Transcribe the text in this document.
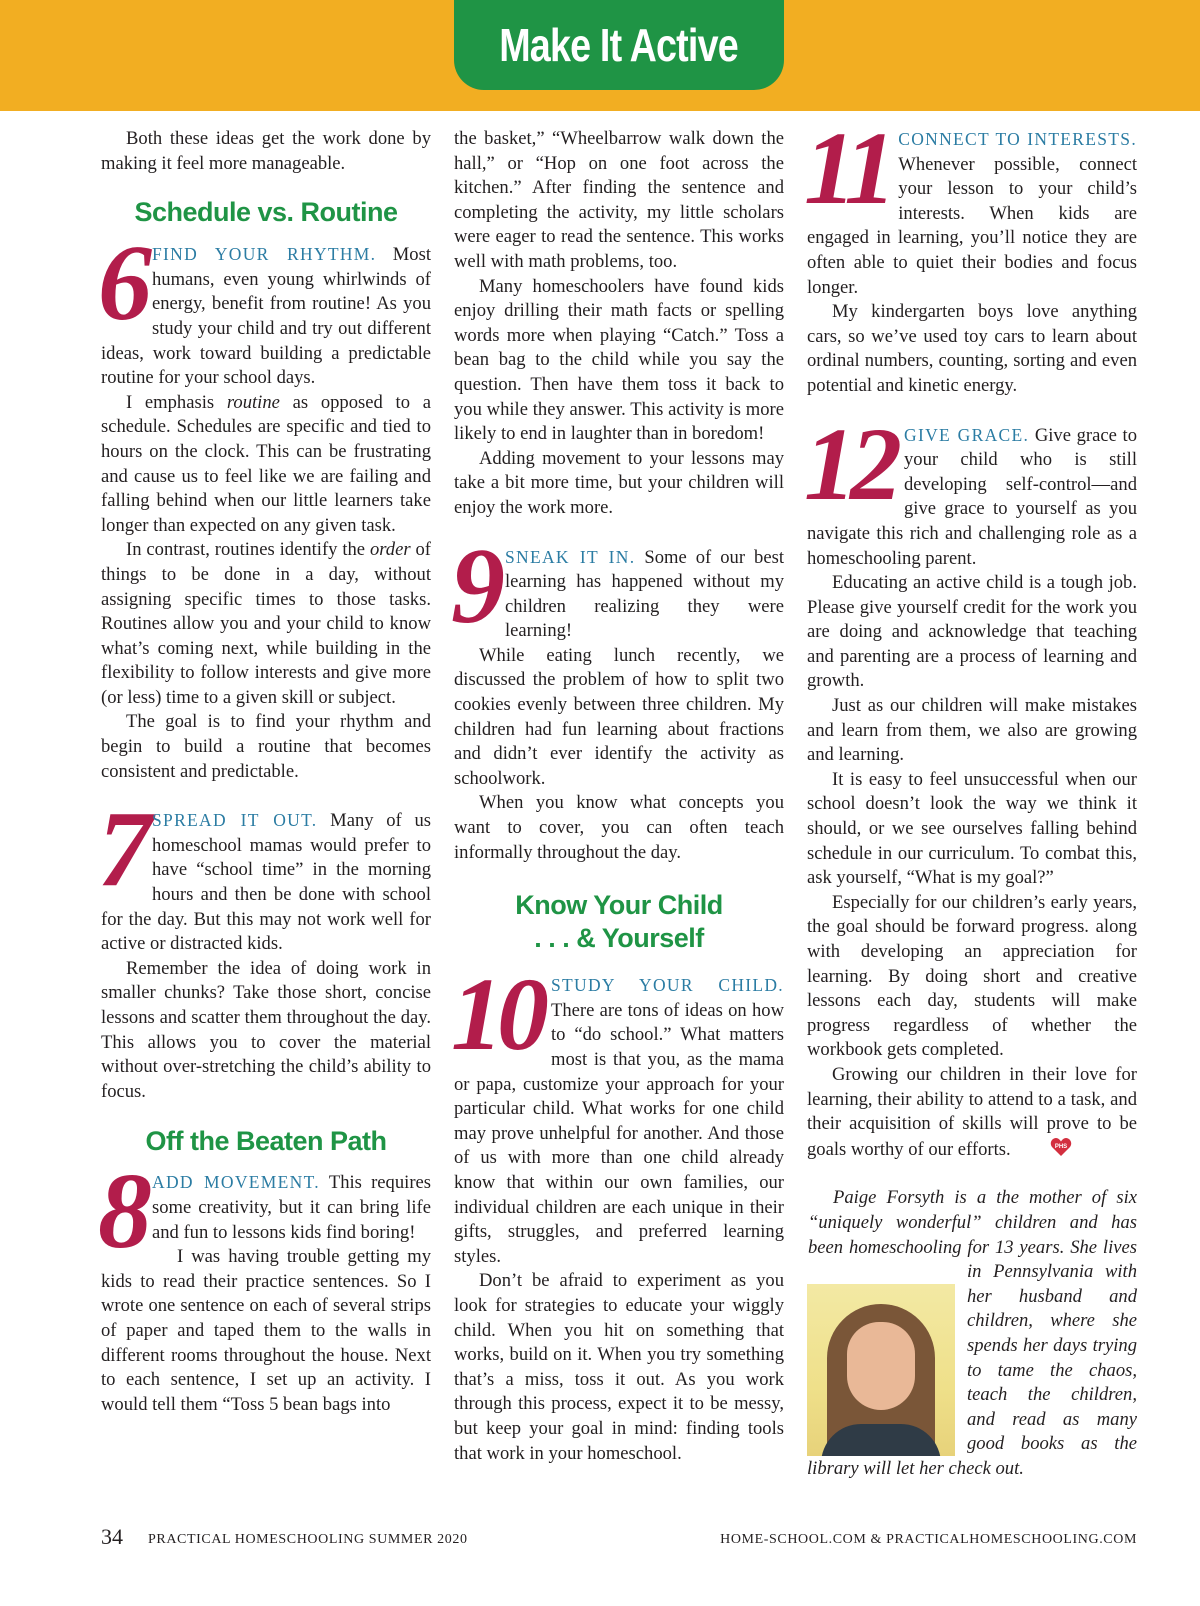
Make It Active

Both these ideas get the work done by making it feel more manageable.

Schedule vs. Routine

6 FIND YOUR RHYTHM. Most humans, even young whirlwinds of energy, benefit from routine! As you study your child and try out different ideas, work toward building a predictable routine for your school days.

I emphasis routine as opposed to a schedule. Schedules are specific and tied to hours on the clock. This can be frustrating and cause us to feel like we are failing and falling behind when our little learners take longer than expected on any given task.

In contrast, routines identify the order of things to be done in a day, without assigning specific times to those tasks. Routines allow you and your child to know what’s coming next, while building in the flexibility to follow interests and give more (or less) time to a given skill or subject.

The goal is to find your rhythm and begin to build a routine that becomes consistent and predictable.

7 SPREAD IT OUT. Many of us homeschool mamas would prefer to have “school time” in the morning hours and then be done with school for the day. But this may not work well for active or distracted kids.

Remember the idea of doing work in smaller chunks? Take those short, concise lessons and scatter them throughout the day. This allows you to cover the material without over-stretching the child’s ability to focus.

Off the Beaten Path

8 ADD MOVEMENT. This requires some creativity, but it can bring life and fun to lessons kids find boring!

I was having trouble getting my kids to read their practice sentences. So I wrote one sentence on each of several strips of paper and taped them to the walls in different rooms throughout the house. Next to each sentence, I set up an activity. I would tell them “Toss 5 bean bags into

the basket,” “Wheelbarrow walk down the hall,” or “Hop on one foot across the kitchen.” After finding the sentence and completing the activity, my little scholars were eager to read the sentence. This works well with math problems, too.

Many homeschoolers have found kids enjoy drilling their math facts or spelling words more when playing “Catch.” Toss a bean bag to the child while you say the question. Then have them toss it back to you while they answer. This activity is more likely to end in laughter than in boredom!

Adding movement to your lessons may take a bit more time, but your children will enjoy the work more.

9 SNEAK IT IN. Some of our best learning has happened without my children realizing they were learning!

While eating lunch recently, we discussed the problem of how to split two cookies evenly between three children. My children had fun learning about fractions and didn’t ever identify the activity as schoolwork.

When you know what concepts you want to cover, you can often teach informally throughout the day.

Know Your Child
. . . & Yourself

10 STUDY YOUR CHILD. There are tons of ideas on how to “do school.” What matters most is that you, as the mama or papa, customize your approach for your particular child. What works for one child may prove unhelpful for another. And those of us with more than one child already know that within our own families, our individual children are each unique in their gifts, struggles, and preferred learning styles.

Don’t be afraid to experiment as you look for strategies to educate your wiggly child. When you hit on something that works, build on it. When you try something that’s a miss, toss it out. As you work through this process, expect it to be messy, but keep your goal in mind: finding tools that work in your homeschool.

11 CONNECT TO INTERESTS. Whenever possible, connect your lesson to your child’s interests. When kids are engaged in learning, you’ll notice they are often able to quiet their bodies and focus longer.

My kindergarten boys love anything cars, so we’ve used toy cars to learn about ordinal numbers, counting, sorting and even potential and kinetic energy.

12 GIVE GRACE. Give grace to your child who is still developing self-control—and give grace to yourself as you navigate this rich and challenging role as a homeschooling parent.

Educating an active child is a tough job. Please give yourself credit for the work you are doing and acknowledge that teaching and parenting are a process of learning and growth.

Just as our children will make mistakes and learn from them, we also are growing and learning.

It is easy to feel unsuccessful when our school doesn’t look the way we think it should, or we see ourselves falling behind schedule in our curriculum. To combat this, ask yourself, “What is my goal?”

Especially for our children’s early years, the goal should be forward progress. along with developing an appreciation for learning. By doing short and creative lessons each day, students will make progress regardless of whether the workbook gets completed.

Growing our children in their love for learning, their ability to attend to a task, and their acquisition of skills will prove to be goals worthy of our efforts.	PHS

Paige Forsyth is a the mother of six “uniquely wonderful” children and has been homeschooling for 13 years. She lives in Pennsylvania with her husband and children, where she spends her days trying to tame the chaos, teach the children, and read as many good books as the library will let her check out.

34 PRACTICAL HOMESCHOOLING SUMMER 2020	HOME-SCHOOL.COM & PRACTICALHOMESCHOOLING.COM
